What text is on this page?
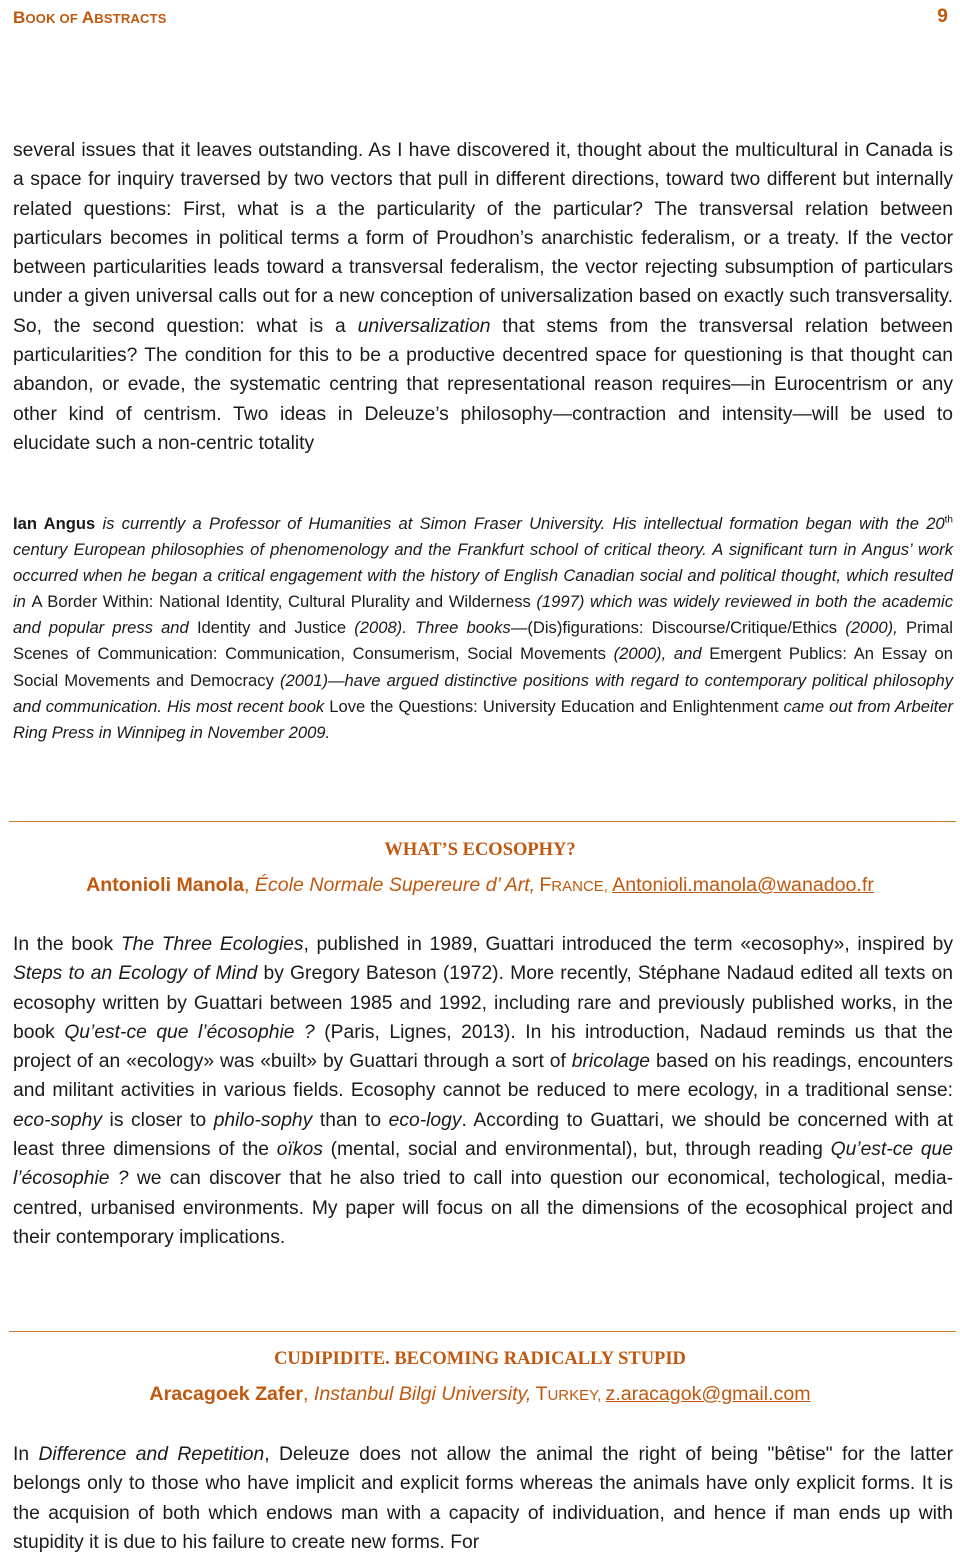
BOOK OF ABSTRACTS	9

several issues that it leaves outstanding. As I have discovered it, thought about the multicultural in Canada is a space for inquiry traversed by two vectors that pull in different directions, toward two different but internally related questions: First, what is a the particularity of the particular? The transversal relation between particulars becomes in political terms a form of Proudhon’s anarchistic federalism, or a treaty. If the vector between particularities leads toward a transversal federalism, the vector rejecting subsumption of particulars under a given universal calls out for a new conception of universalization based on exactly such transversality. So, the second question: what is a universalization that stems from the transversal relation between particularities? The condition for this to be a productive decentred space for questioning is that thought can abandon, or evade, the systematic centring that representational reason requires—in Eurocentrism or any other kind of centrism. Two ideas in Deleuze’s philosophy—contraction and intensity—will be used to elucidate such a non-centric totality

Ian Angus is currently a Professor of Humanities at Simon Fraser University. His intellectual formation began with the 20th century European philosophies of phenomenology and the Frankfurt school of critical theory. A significant turn in Angus’ work occurred when he began a critical engagement with the history of English Canadian social and political thought, which resulted in A Border Within: National Identity, Cultural Plurality and Wilderness (1997) which was widely reviewed in both the academic and popular press and Identity and Justice (2008). Three books—(Dis)figurations: Discourse/Critique/Ethics (2000), Primal Scenes of Communication: Communication, Consumerism, Social Movements (2000), and Emergent Publics: An Essay on Social Movements and Democracy (2001)—have argued distinctive positions with regard to contemporary political philosophy and communication. His most recent book Love the Questions: University Education and Enlightenment came out from Arbeiter Ring Press in Winnipeg in November 2009.

WHAT’S ECOSOPHY?
Antonioli Manola, École Normale Supereure d’ Art, FRANCE, Antonioli.manola@wanadoo.fr

In the book The Three Ecologies, published in 1989, Guattari introduced the term «ecosophy», inspired by Steps to an Ecology of Mind by Gregory Bateson (1972). More recently, Stéphane Nadaud edited all texts on ecosophy written by Guattari between 1985 and 1992, including rare and previously published works, in the book Qu’est-ce que l’écosophie ? (Paris, Lignes, 2013). In his introduction, Nadaud reminds us that the project of an «ecology» was «built» by Guattari through a sort of bricolage based on his readings, encounters and militant activities in various fields. Ecosophy cannot be reduced to mere ecology, in a traditional sense: eco-sophy is closer to philo-sophy than to eco-logy. According to Guattari, we should be concerned with at least three dimensions of the oïkos (mental, social and environmental), but, through reading Qu’est-ce que l’écosophie ? we can discover that he also tried to call into question our economical, techological, media-centred, urbanised environments. My paper will focus on all the dimensions of the ecosophical project and their contemporary implications.

CUDIPIDITE. BECOMING RADICALLY STUPID
Aracagoek Zafer, Instanbul Bilgi University, TURKEY, z.aracagok@gmail.com

In Difference and Repetition, Deleuze does not allow the animal the right of being "bêtise" for the latter belongs only to those who have implicit and explicit forms whereas the animals have only explicit forms. It is the acquision of both which endows man with a capacity of individuation, and hence if man ends up with stupidity it is due to his failure to create new forms. For
